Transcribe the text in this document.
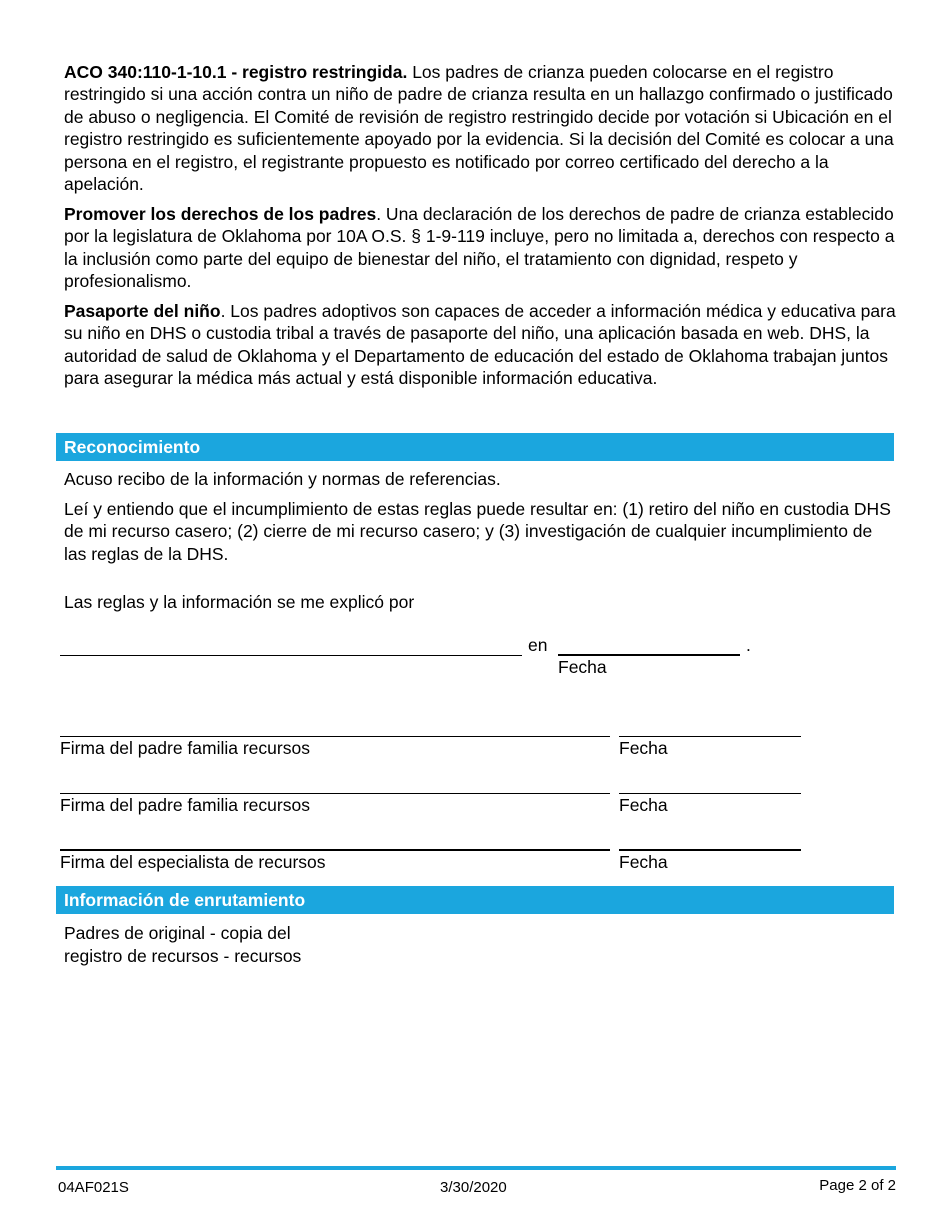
ACO 340:110-1-10.1 - registro restringida. Los padres de crianza pueden colocarse en el registro restringido si una acción contra un niño de padre de crianza resulta en un hallazgo confirmado o justificado de abuso o negligencia. El Comité de revisión de registro restringido decide por votación si Ubicación en el registro restringido es suficientemente apoyado por la evidencia. Si la decisión del Comité es colocar a una persona en el registro, el registrante propuesto es notificado por correo certificado del derecho a la apelación.

Promover los derechos de los padres. Una declaración de los derechos de padre de crianza establecido por la legislatura de Oklahoma por 10A O.S. § 1-9-119 incluye, pero no limitada a, derechos con respecto a la inclusión como parte del equipo de bienestar del niño, el tratamiento con dignidad, respeto y profesionalismo.

Pasaporte del niño. Los padres adoptivos son capaces de acceder a información médica y educativa para su niño en DHS o custodia tribal a través de pasaporte del niño, una aplicación basada en web. DHS, la autoridad de salud de Oklahoma y el Departamento de educación del estado de Oklahoma trabajan juntos para asegurar la médica más actual y está disponible información educativa.

Reconocimiento

Acuso recibo de la información y normas de referencias.

Leí y entiendo que el incumplimiento de estas reglas puede resultar en: (1) retiro del niño en custodia DHS de mi recurso casero; (2) cierre de mi recurso casero; y (3) investigación de cualquier incumplimiento de las reglas de la DHS.

Las reglas y la información se me explicó por

en	.
Fecha
Firma del padre familia recursos	Fecha
Firma del padre familia recursos	Fecha
Firma del especialista de recursos	Fecha
Información de enrutamiento
Padres de original - copia del
registro de recursos - recursos
04AF021S	3/30/2020	Page 2 of 2
